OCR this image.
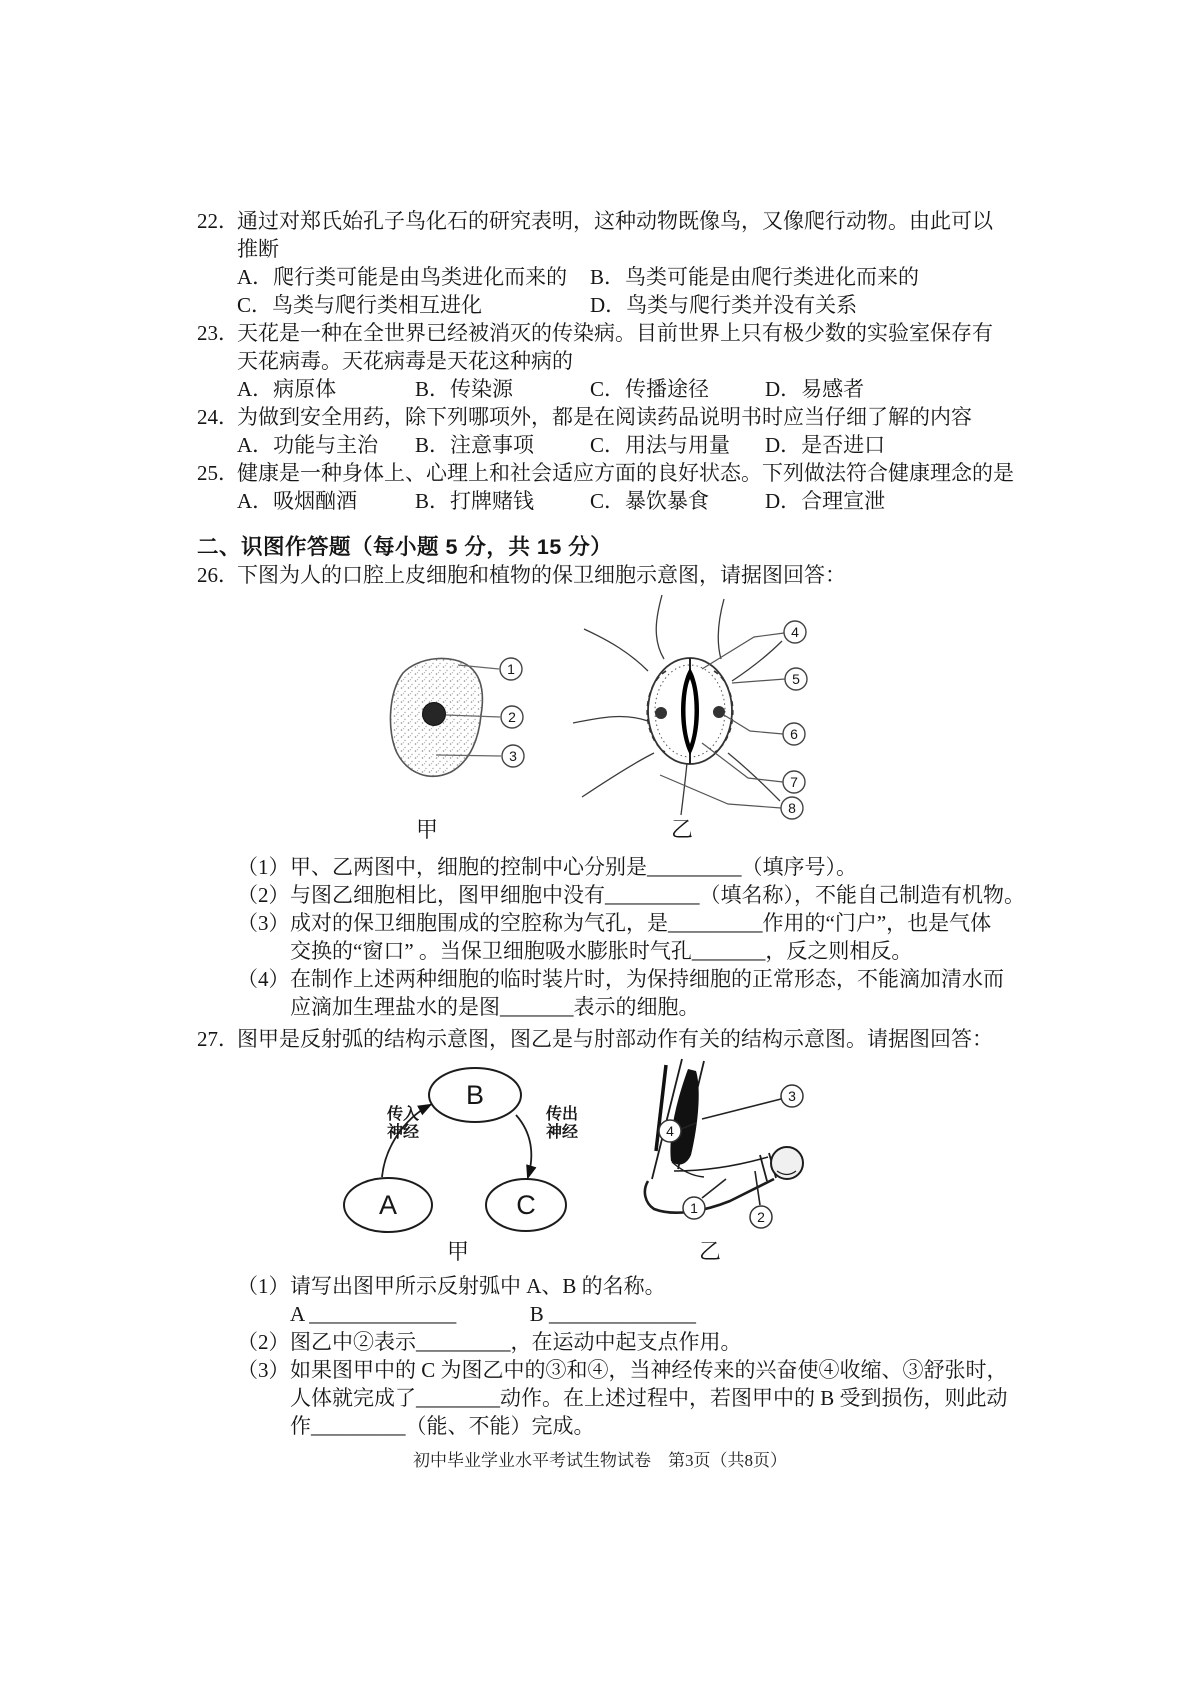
22．
通过对郑氏始孔子鸟化石的研究表明，这种动物既像鸟，又像爬行动物。由此可以
推断
A．爬行类可能是由鸟类进化而来的	B．鸟类可能是由爬行类进化而来的
C．鸟类与爬行类相互进化	D．鸟类与爬行类并没有关系
23．
天花是一种在全世界已经被消灭的传染病。目前世界上只有极少数的实验室保存有
天花病毒。天花病毒是天花这种病的
A．病原体	B．传染源	C．传播途径	D．易感者
24．
为做到安全用药，除下列哪项外，都是在阅读药品说明书时应当仔细了解的内容
A．功能与主治	B．注意事项	C．用法与用量	D．是否进口
25．
健康是一种身体上、心理上和社会适应方面的良好状态。下列做法符合健康理念的是
A．吸烟酗酒	B．打牌赌钱	C．暴饮暴食	D．合理宣泄
二、识图作答题（每小题 5 分，共 15 分）
26．
下图为人的口腔上皮细胞和植物的保卫细胞示意图，请据图回答：
1
2
3
4
5
6
7
8
甲	乙
（1） 甲、乙两图中，细胞的控制中心分别是_________（填序号）。
（2） 与图乙细胞相比，图甲细胞中没有_________（填名称），不能自己制造有机物。
（3） 成对的保卫细胞围成的空腔称为气孔，是_________作用的“门户”，也是气体
交换的“窗口” 。当保卫细胞吸水膨胀时气孔_______，反之则相反。
（4） 在制作上述两种细胞的临时装片时，为保持细胞的正常形态，不能滴加清水而
应滴加生理盐水的是图_______表示的细胞。
27．
图甲是反射弧的结构示意图，图乙是与肘部动作有关的结构示意图。请据图回答：
B
A	C
传入
神经
传出
神经
甲
3
4
1
2
乙
（1） 请写出图甲所示反射弧中 A、B 的名称。
A ______________              B ______________
（2） 图乙中②表示_________，在运动中起支点作用。
（3） 如果图甲中的 C 为图乙中的③和④，当神经传来的兴奋使④收缩、③舒张时，
人体就完成了________动作。在上述过程中，若图甲中的 B 受到损伤，则此动
作_________（能、不能）完成。
初中毕业学业水平考试生物试卷　第3页（共8页）
